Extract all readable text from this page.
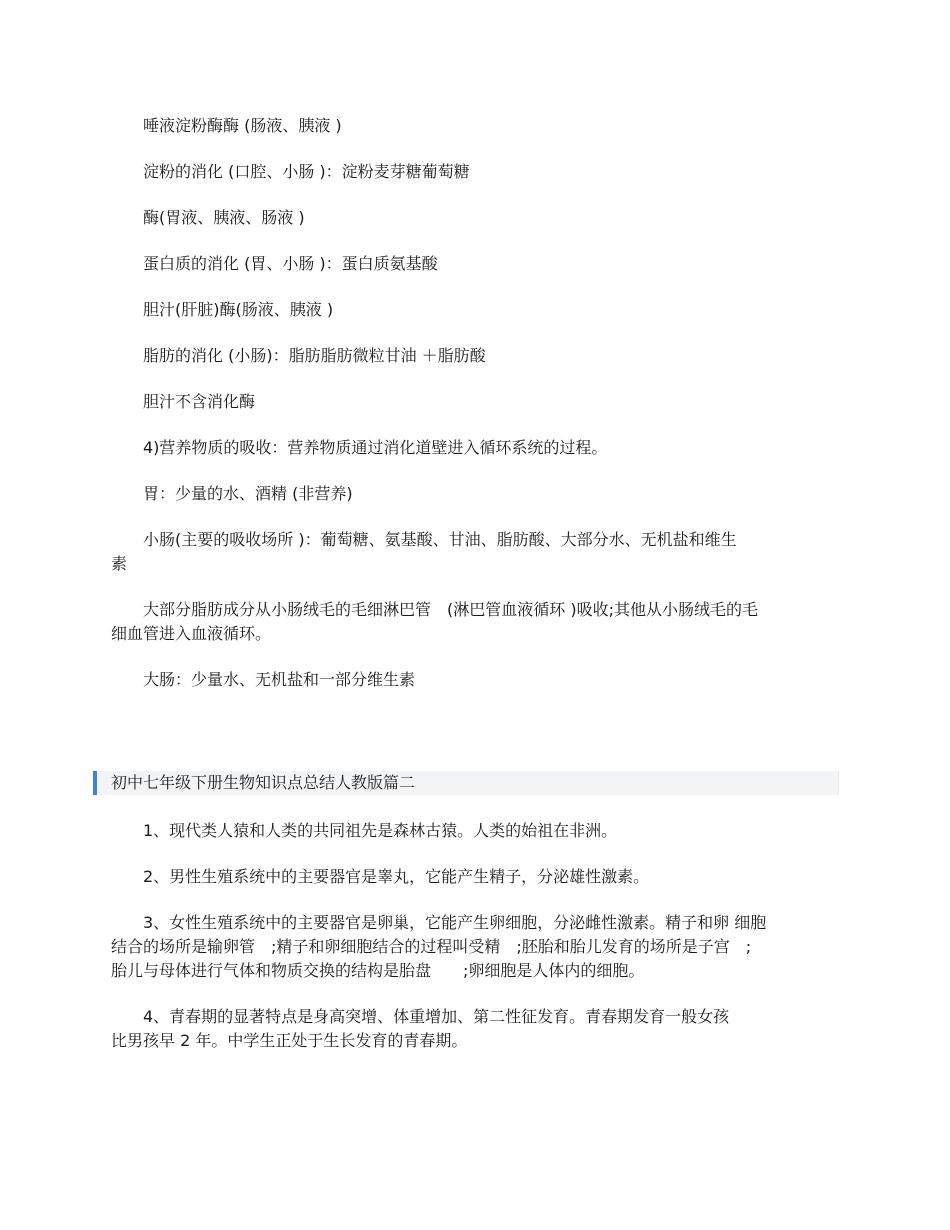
　　唾液淀粉酶酶 (肠液、胰液 )

　　淀粉的消化 (口腔、小肠 )：淀粉麦芽糖葡萄糖

　　酶(胃液、胰液、肠液 )

　　蛋白质的消化 (胃、小肠 )：蛋白质氨基酸

　　胆汁(肝脏)酶(肠液、胰液 )

　　脂肪的消化 (小肠)：脂肪脂肪微粒甘油 ＋脂肪酸

　　胆汁不含消化酶

　　4)营养物质的吸收：营养物质通过消化道壁进入循环系统的过程。

　　胃：少量的水、酒精 (非营养)

　　小肠(主要的吸收场所 )：葡萄糖、氨基酸、甘油、脂肪酸、大部分水、无机盐和维生
素

　　大部分脂肪成分从小肠绒毛的毛细淋巴管　(淋巴管血液循环 )吸收;其他从小肠绒毛的毛
细血管进入血液循环。

　　大肠：少量水、无机盐和一部分维生素

初中七年级下册生物知识点总结人教版篇二

　　1、现代类人猿和人类的共同祖先是森林古猿。人类的始祖在非洲。

　　2、男性生殖系统中的主要器官是睾丸，它能产生精子，分泌雄性激素。

　　3、女性生殖系统中的主要器官是卵巢，它能产生卵细胞，分泌雌性激素。精子和卵 细胞
结合的场所是输卵管　;精子和卵细胞结合的过程叫受精　;胚胎和胎儿发育的场所是子宫　;
胎儿与母体进行气体和物质交换的结构是胎盘　　;卵细胞是人体内的细胞。

　　4、青春期的显著特点是身高突增、体重增加、第二性征发育。青春期发育一般女孩
比男孩早 2 年。中学生正处于生长发育的青春期。
